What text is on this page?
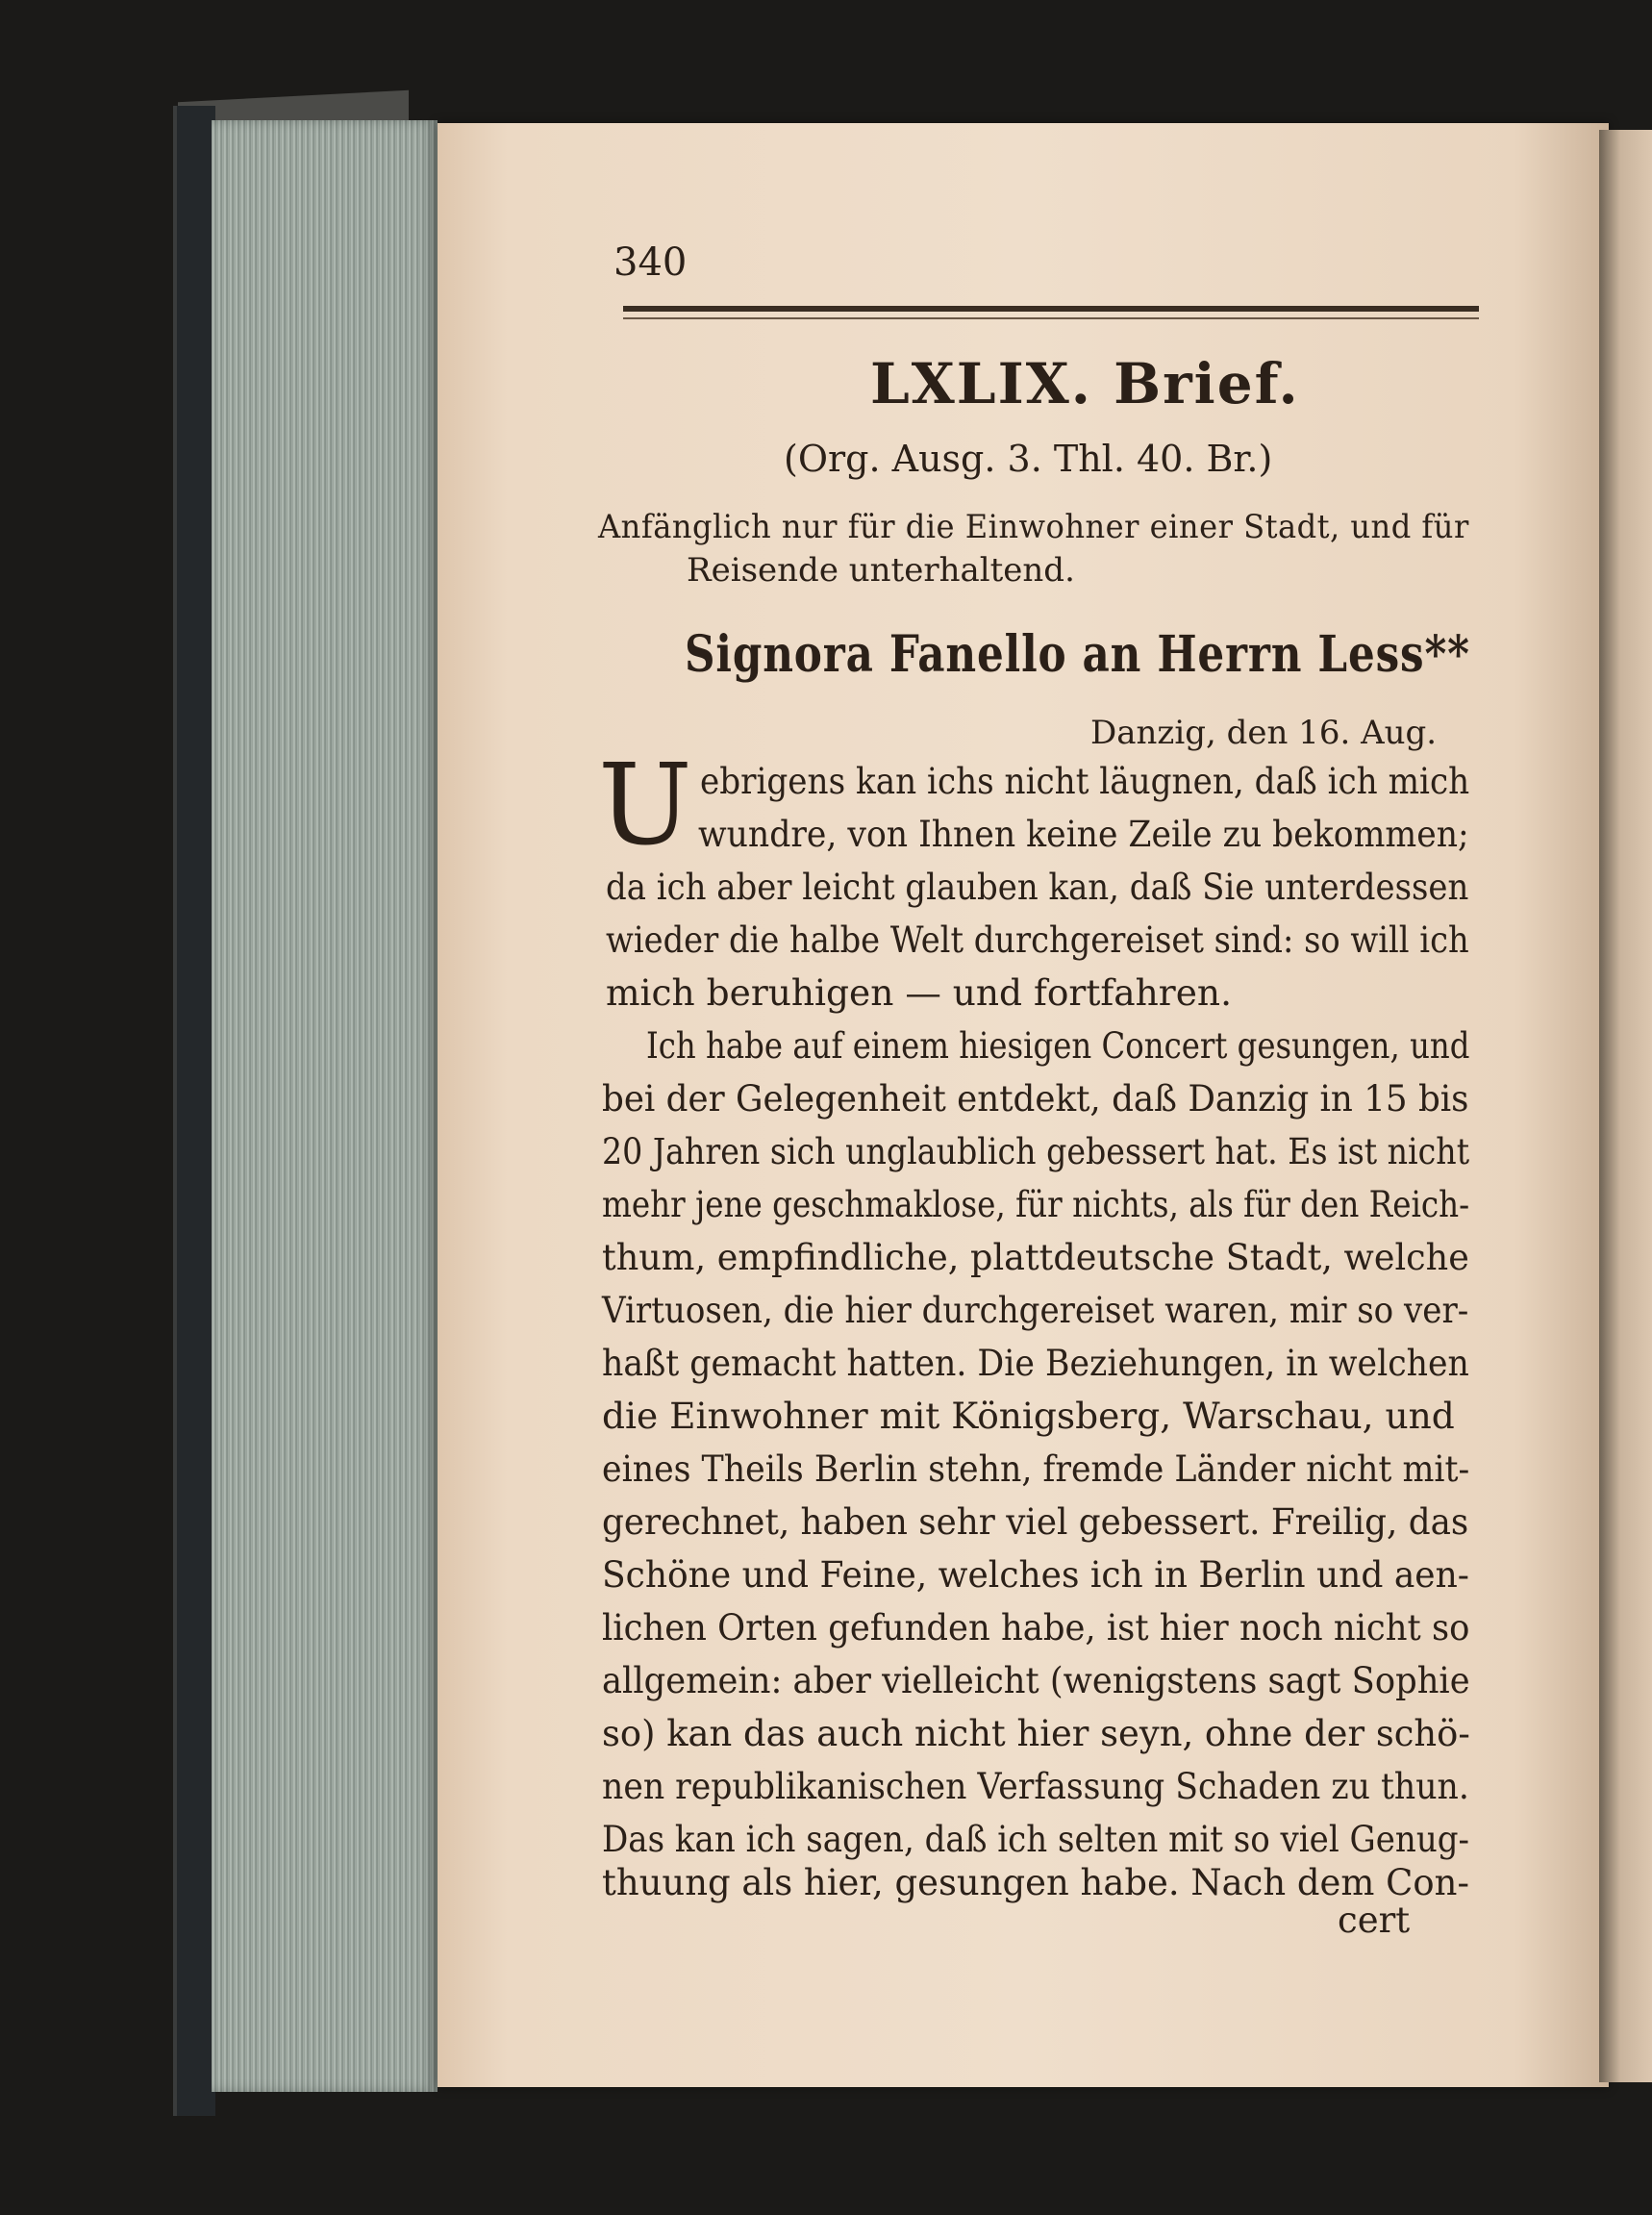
340
LXLIX. Brief.
(Org. Ausg. 3. Thl. 40. Br.)
Anfänglich nur für die Einwohner einer Stadt, und für
Reisende unterhaltend.
Signora Fanello an Herrn Less**
Danzig, den 16. Aug.
U ebrigens kan ichs nicht läugnen, daß ich mich
wundre, von Ihnen keine Zeile zu bekommen;
da ich aber leicht glauben kan, daß Sie unterdessen
wieder die halbe Welt durchgereiset sind: so will ich
mich beruhigen — und fortfahren.
Ich habe auf einem hiesigen Concert gesungen, und
bei der Gelegenheit entdekt, daß Danzig in 15 bis
20 Jahren sich unglaublich gebessert hat. Es ist nicht
mehr jene geschmaklose, für nichts, als für den Reich-
thum, empfindliche, plattdeutsche Stadt, welche
Virtuosen, die hier durchgereiset waren, mir so ver-
haßt gemacht hatten. Die Beziehungen, in welchen
die Einwohner mit Königsberg, Warschau, und
eines Theils Berlin stehn, fremde Länder nicht mit-
gerechnet, haben sehr viel gebessert. Freilig, das
Schöne und Feine, welches ich in Berlin und aen-
lichen Orten gefunden habe, ist hier noch nicht so
allgemein: aber vielleicht (wenigstens sagt Sophie
so) kan das auch nicht hier seyn, ohne der schö-
nen republikanischen Verfassung Schaden zu thun.
Das kan ich sagen, daß ich selten mit so viel Genug-
thuung als hier, gesungen habe. Nach dem Con-
cert
